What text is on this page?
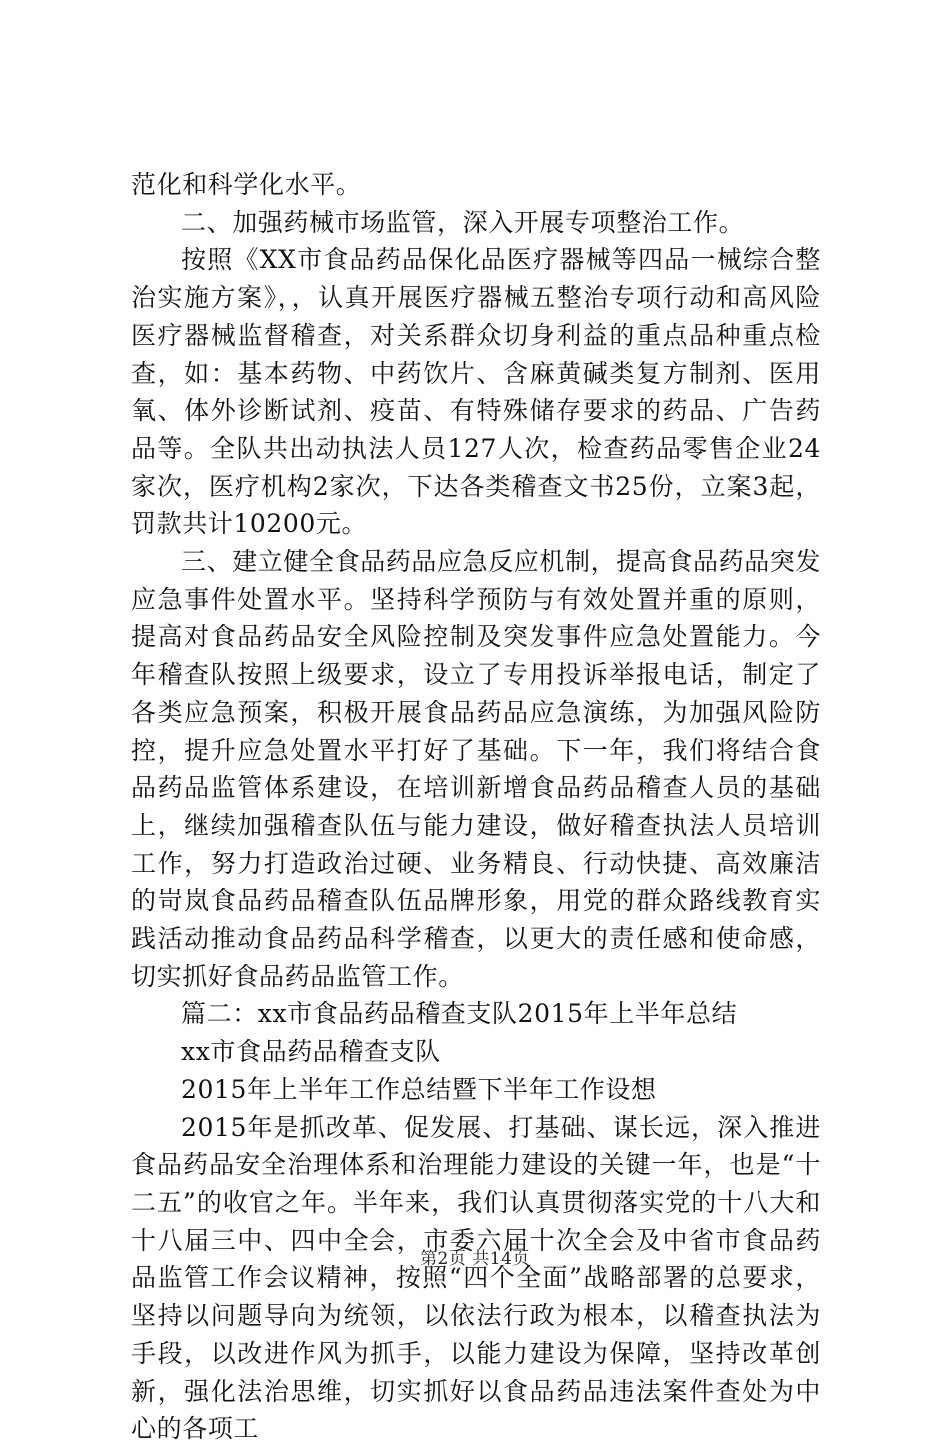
范化和科学化水平。

二、加强药械市场监管，深入开展专项整治工作。

按照《XX市食品药品保化品医疗器械等四品一械综合整治实施方案》，，认真开展医疗器械五整治专项行动和高风险医疗器械监督稽查，对关系群众切身利益的重点品种重点检查，如：基本药物、中药饮片、含麻黄碱类复方制剂、医用氧、体外诊断试剂、疫苗、有特殊储存要求的药品、广告药品等。全队共出动执法人员127人次，检查药品零售企业24家次，医疗机构2家次，下达各类稽查文书25份，立案3起，罚款共计10200元。

三、建立健全食品药品应急反应机制，提高食品药品突发应急事件处置水平。坚持科学预防与有效处置并重的原则，提高对食品药品安全风险控制及突发事件应急处置能力。今年稽查队按照上级要求，设立了专用投诉举报电话，制定了各类应急预案，积极开展食品药品应急演练，为加强风险防控，提升应急处置水平打好了基础。下一年，我们将结合食品药品监管体系建设，在培训新增食品药品稽查人员的基础上，继续加强稽查队伍与能力建设，做好稽查执法人员培训工作，努力打造政治过硬、业务精良、行动快捷、高效廉洁的岢岚食品药品稽查队伍品牌形象，用党的群众路线教育实践活动推动食品药品科学稽查，以更大的责任感和使命感，切实抓好食品药品监管工作。

篇二：xx市食品药品稽查支队2015年上半年总结

xx市食品药品稽查支队

2015年上半年工作总结暨下半年工作设想

2015年是抓改革、促发展、打基础、谋长远，深入推进食品药品安全治理体系和治理能力建设的关键一年，也是“十二五”的收官之年。半年来，我们认真贯彻落实党的十八大和十八届三中、四中全会，市委六届十次全会及中省市食品药品监管工作会议精神，按照“四个全面”战略部署的总要求，坚持以问题导向为统领，以依法行政为根本，以稽查执法为手段，以改进作风为抓手，以能力建设为保障，坚持改革创新，强化法治思维，切实抓好以食品药品违法案件查处为中心的各项工

第2页 共14页
